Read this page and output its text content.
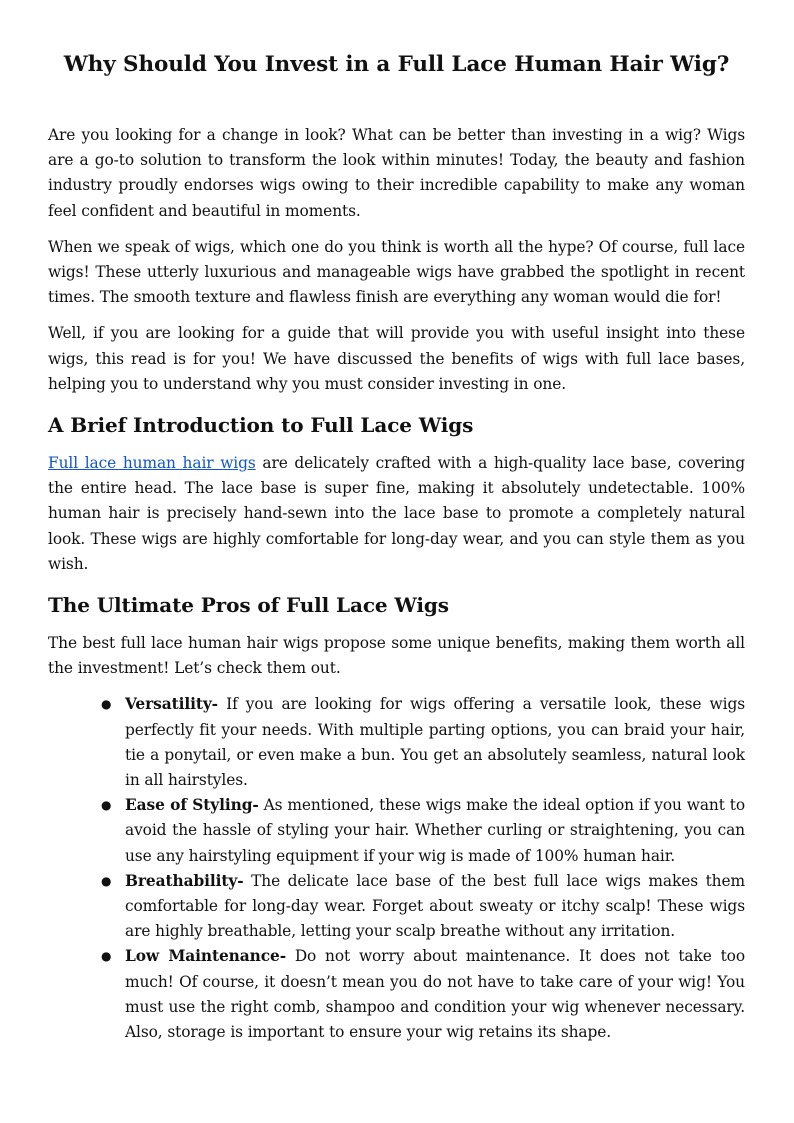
Why Should You Invest in a Full Lace Human Hair Wig?

Are you looking for a change in look? What can be better than investing in a wig? Wigs are a go-to solution to transform the look within minutes! Today, the beauty and fashion industry proudly endorses wigs owing to their incredible capability to make any woman feel confident and beautiful in moments.

When we speak of wigs, which one do you think is worth all the hype? Of course, full lace wigs! These utterly luxurious and manageable wigs have grabbed the spotlight in recent times. The smooth texture and flawless finish are everything any woman would die for!

Well, if you are looking for a guide that will provide you with useful insight into these wigs, this read is for you! We have discussed the benefits of wigs with full lace bases, helping you to understand why you must consider investing in one.

A Brief Introduction to Full Lace Wigs

Full lace human hair wigs are delicately crafted with a high-quality lace base, covering the entire head. The lace base is super fine, making it absolutely undetectable. 100% human hair is precisely hand-sewn into the lace base to promote a completely natural look. These wigs are highly comfortable for long-day wear, and you can style them as you wish.

The Ultimate Pros of Full Lace Wigs

The best full lace human hair wigs propose some unique benefits, making them worth all the investment! Let’s check them out.

● Versatility- If you are looking for wigs offering a versatile look, these wigs perfectly fit your needs. With multiple parting options, you can braid your hair, tie a ponytail, or even make a bun. You get an absolutely seamless, natural look in all hairstyles.
● Ease of Styling- As mentioned, these wigs make the ideal option if you want to avoid the hassle of styling your hair. Whether curling or straightening, you can use any hairstyling equipment if your wig is made of 100% human hair.
● Breathability- The delicate lace base of the best full lace wigs makes them comfortable for long-day wear. Forget about sweaty or itchy scalp! These wigs are highly breathable, letting your scalp breathe without any irritation.
● Low Maintenance- Do not worry about maintenance. It does not take too much! Of course, it doesn’t mean you do not have to take care of your wig! You must use the right comb, shampoo and condition your wig whenever necessary. Also, storage is important to ensure your wig retains its shape.
